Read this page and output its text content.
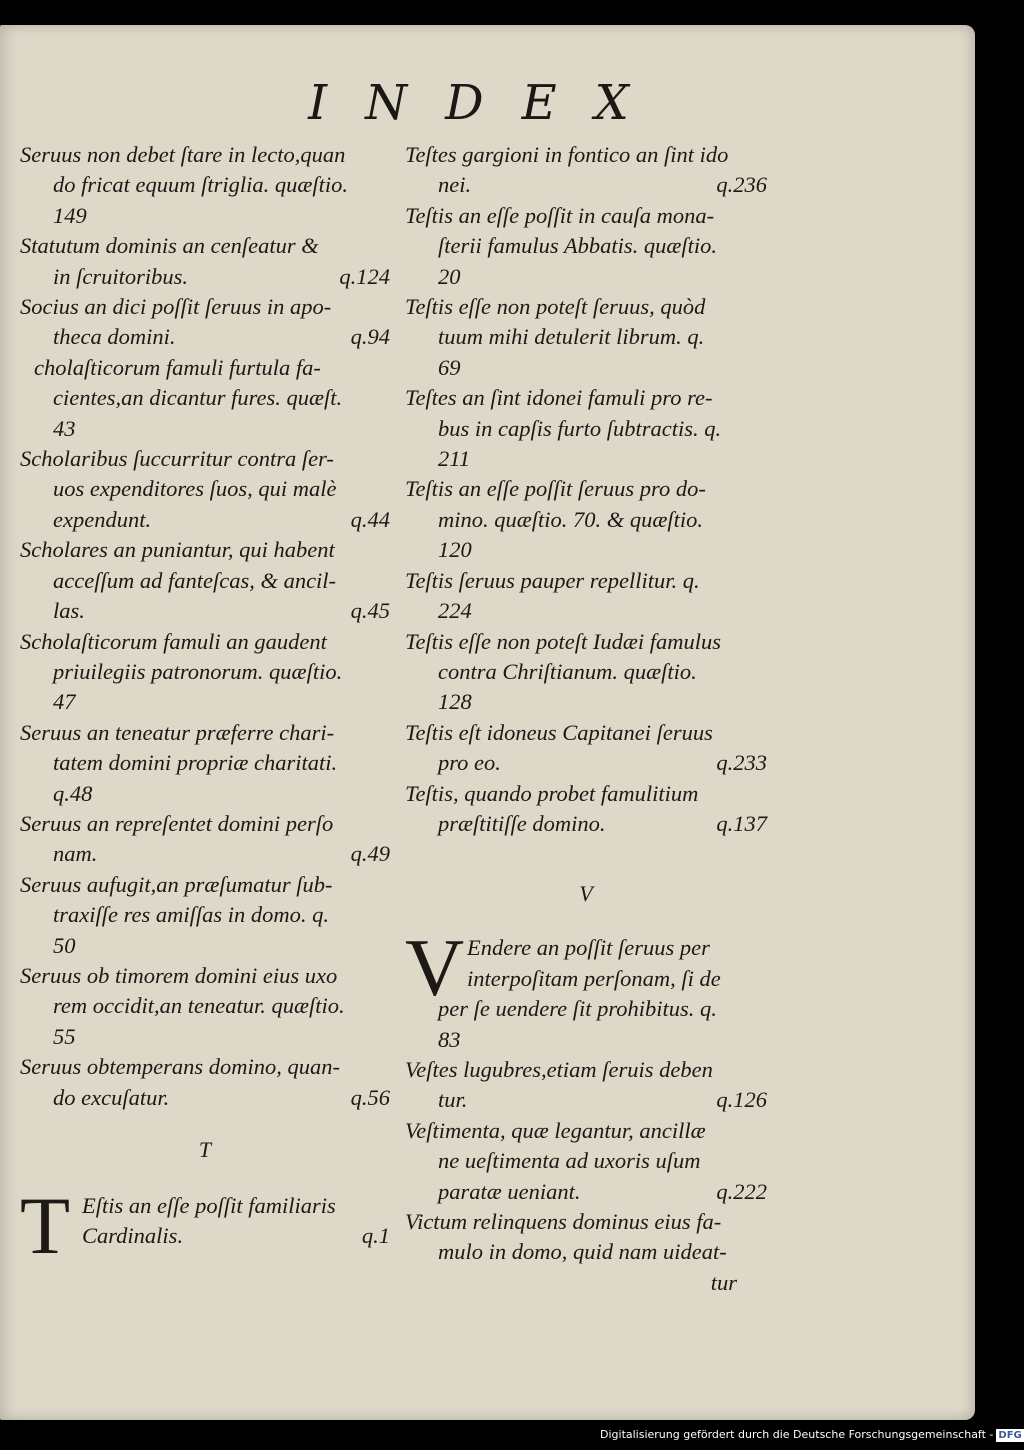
INDEX
Seruus non debet ſtare in lecto,quan
do fricat equum ſtriglia. quæſtio.
149
Statutum dominis an cenſeatur &
in ſcruitoribus.	q.124
Socius an dici poſſit ſeruus in apo-
theca domini.	q.94
cholaſticorum famuli furtula fa-
cientes,an dicantur fures. quæſt.
43
Scholaribus ſuccurritur contra ſer-
uos expenditores ſuos, qui malè
expendunt.	q.44
Scholares an puniantur, qui habent
acceſſum ad fanteſcas, & ancil-
las.	q.45
Scholaſticorum famuli an gaudent
priuilegiis patronorum. quæſtio.
47
Seruus an teneatur præferre chari-
tatem domini propriæ charitati.
q.48
Seruus an repreſentet domini perſo
nam.	q.49
Seruus aufugit,an præſumatur ſub-
traxiſſe res amiſſas in domo. q.
50
Seruus ob timorem domini eius uxo
rem occidit,an teneatur. quæſtio.
55
Seruus obtemperans domino, quan-
do excuſatur.	q.56
T
T Eſtis an eſſe poſſit familiaris
Cardinalis.	q.1
Teſtes gargioni in fontico an ſint ido
nei.	q.236
Teſtis an eſſe poſſit in cauſa mona-
ſterii famulus Abbatis. quæſtio.
20
Teſtis eſſe non poteſt ſeruus, quòd
tuum mihi detulerit librum. q.
69
Teſtes an ſint idonei famuli pro re-
bus in capſis furto ſubtractis. q.
211
Teſtis an eſſe poſſit ſeruus pro do-
mino. quæſtio. 70. & quæſtio.
120
Teſtis ſeruus pauper repellitur. q.
224
Teſtis eſſe non poteſt Iudæi famulus
contra Chriſtianum. quæſtio.
128
Teſtis eſt idoneus Capitanei ſeruus
pro eo.	q.233
Teſtis, quando probet famulitium
præſtitiſſe domino.	q.137
V
V Endere an poſſit ſeruus per
interpoſitam perſonam, ſi de
per ſe uendere ſit prohibitus. q.
83
Veſtes lugubres,etiam ſeruis deben
tur.	q.126
Veſtimenta, quæ legantur, ancillæ
ne ueſtimenta ad uxoris uſum
paratæ ueniant.	q.222
Victum relinquens dominus eius fa-
mulo in domo, quid nam uideat-
tur
Digitalisierung gefördert durch die Deutsche Forschungsgemeinschaft - DFG
